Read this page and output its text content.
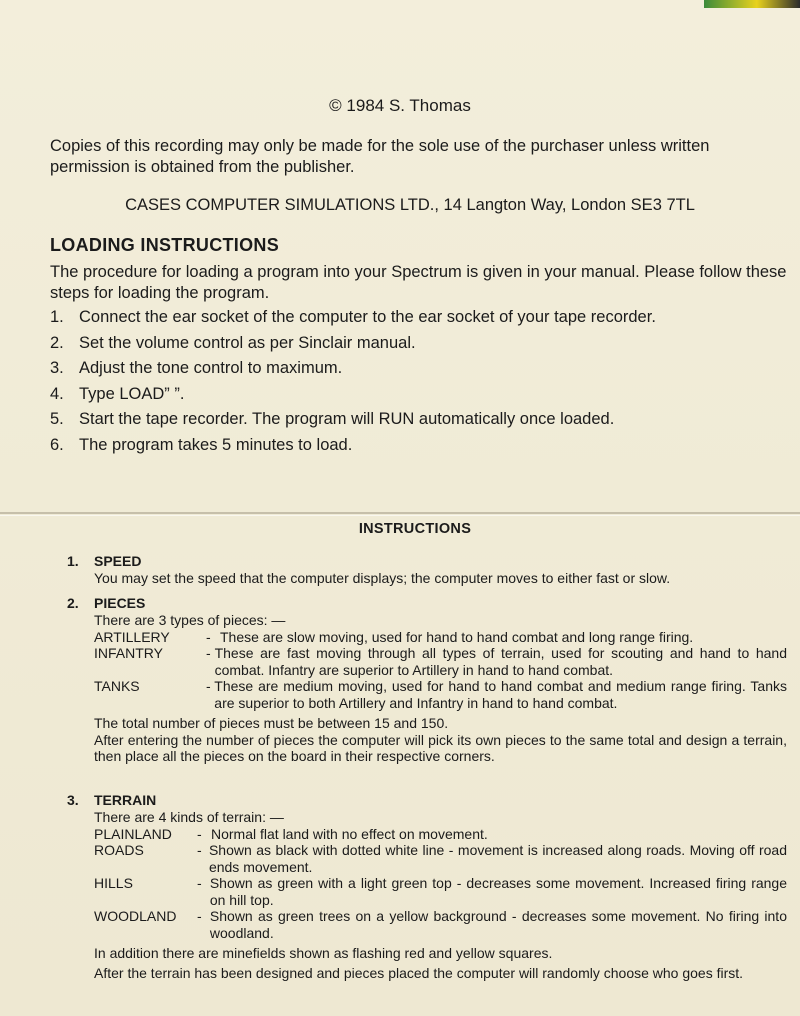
© 1984 S. Thomas
Copies of this recording may only be made for the sole use of the purchaser unless written permission is obtained from the publisher.
CASES COMPUTER SIMULATIONS LTD., 14 Langton Way, London SE3 7TL
LOADING INSTRUCTIONS
The procedure for loading a program into your Spectrum is given in your manual. Please follow these steps for loading the program.
1. Connect the ear socket of the computer to the ear socket of your tape recorder.
2. Set the volume control as per Sinclair manual.
3. Adjust the tone control to maximum.
4. Type LOAD” ”.
5. Start the tape recorder. The program will RUN automatically once loaded.
6. The program takes 5 minutes to load.
INSTRUCTIONS
1. SPEED
You may set the speed that the computer displays; the computer moves to either fast or slow.
2. PIECES
There are 3 types of pieces: —
ARTILLERY	- These are slow moving, used for hand to hand combat and long range firing.
INFANTRY	- These are fast moving through all types of terrain, used for scouting and hand to hand combat. Infantry are superior to Artillery in hand to hand combat.
TANKS	- These are medium moving, used for hand to hand combat and medium range firing. Tanks are superior to both Artillery and Infantry in hand to hand combat.
The total number of pieces must be between 15 and 150.
After entering the number of pieces the computer will pick its own pieces to the same total and design a terrain, then place all the pieces on the board in their respective corners.
3. TERRAIN
There are 4 kinds of terrain: —
PLAINLAND	- Normal flat land with no effect on movement.
ROADS	- Shown as black with dotted white line - movement is increased along roads. Moving off road ends movement.
HILLS	- Shown as green with a light green top - decreases some movement. Increased firing range on hill top.
WOODLAND	- Shown as green trees on a yellow background - decreases some movement. No firing into woodland.
In addition there are minefields shown as flashing red and yellow squares.
After the terrain has been designed and pieces placed the computer will randomly choose who goes first.
